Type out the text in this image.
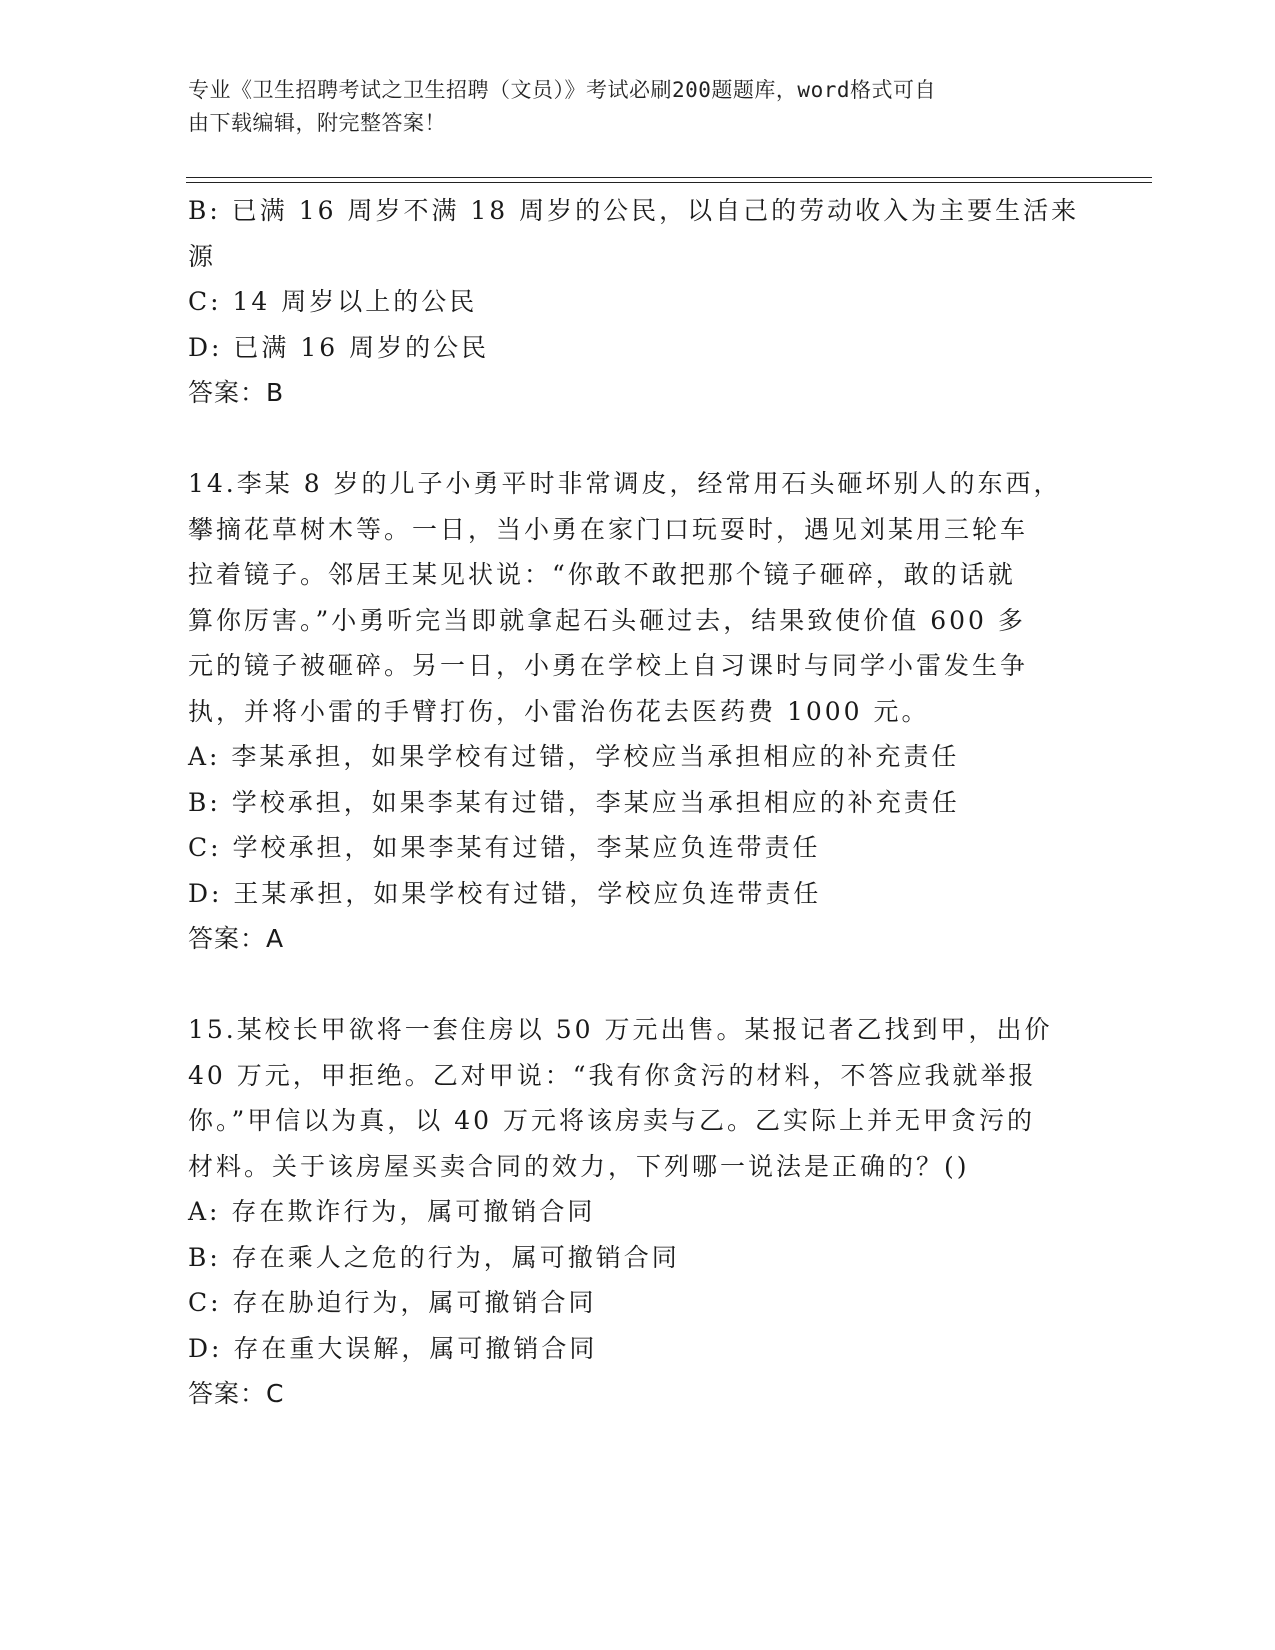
专业《卫生招聘考试之卫生招聘（文员）》考试必刷200题题库，word格式可自
由下载编辑，附完整答案！
B: 已满 16 周岁不满 18 周岁的公民，以自己的劳动收入为主要生活来
源
C: 14 周岁以上的公民
D: 已满 16 周岁的公民
答案：B
14.李某 8 岁的儿子小勇平时非常调皮，经常用石头砸坏别人的东西，
攀摘花草树木等。一日，当小勇在家门口玩耍时，遇见刘某用三轮车
拉着镜子。邻居王某见状说：“你敢不敢把那个镜子砸碎，敢的话就
算你厉害。”小勇听完当即就拿起石头砸过去，结果致使价值 600 多
元的镜子被砸碎。另一日，小勇在学校上自习课时与同学小雷发生争
执，并将小雷的手臂打伤，小雷治伤花去医药费 1000 元。
A: 李某承担，如果学校有过错，学校应当承担相应的补充责任
B: 学校承担，如果李某有过错，李某应当承担相应的补充责任
C: 学校承担，如果李某有过错，李某应负连带责任
D: 王某承担，如果学校有过错，学校应负连带责任
答案：A
15.某校长甲欲将一套住房以 50 万元出售。某报记者乙找到甲，出价
40 万元，甲拒绝。乙对甲说：“我有你贪污的材料，不答应我就举报
你。”甲信以为真，以 40 万元将该房卖与乙。乙实际上并无甲贪污的
材料。关于该房屋买卖合同的效力，下列哪一说法是正确的？()
A: 存在欺诈行为，属可撤销合同
B: 存在乘人之危的行为，属可撤销合同
C: 存在胁迫行为，属可撤销合同
D: 存在重大误解，属可撤销合同
答案：C
